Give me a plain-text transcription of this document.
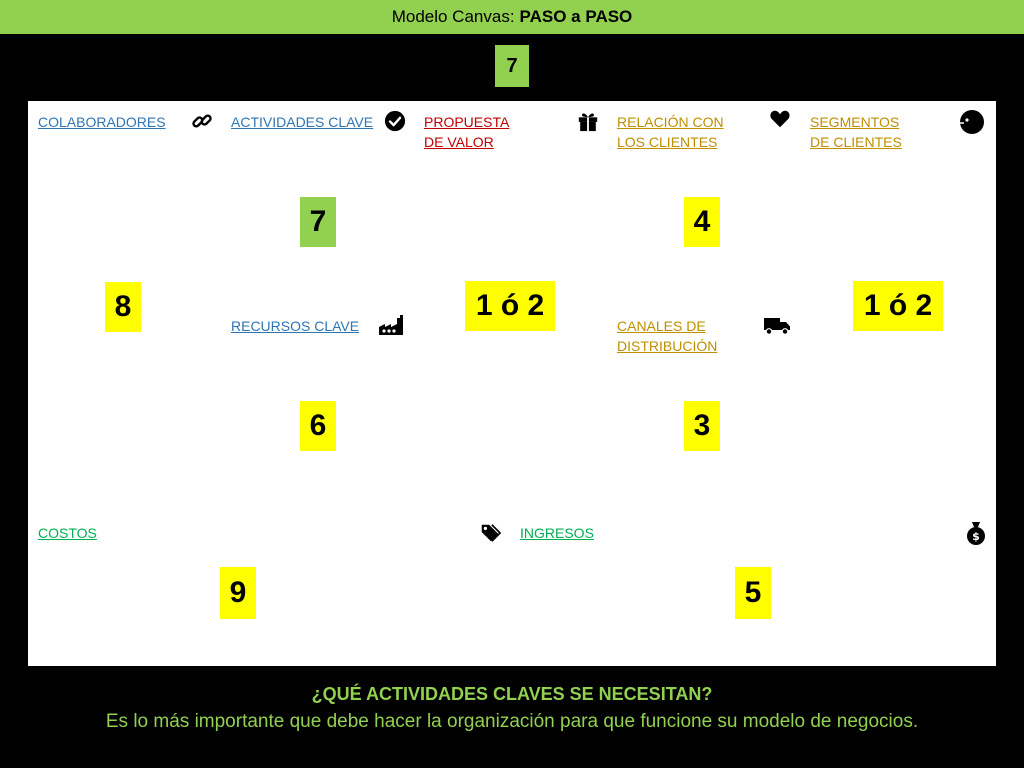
Modelo Canvas: PASO a PASO
7
COLABORADORES
8
ACTIVIDADES CLAVE
7
RECURSOS CLAVE
6
PROPUESTA
DE VALOR
1 ó 2
RELACIÓN CON
LOS CLIENTES
4
CANALES DE
DISTRIBUCIÓN
3
SEGMENTOS
DE CLIENTES
1 ó 2
COSTOS
9
INGRESOS	$
5
¿QUÉ ACTIVIDADES CLAVES SE NECESITAN?
Es lo más importante que debe hacer la organización para que funcione su modelo de negocios.
